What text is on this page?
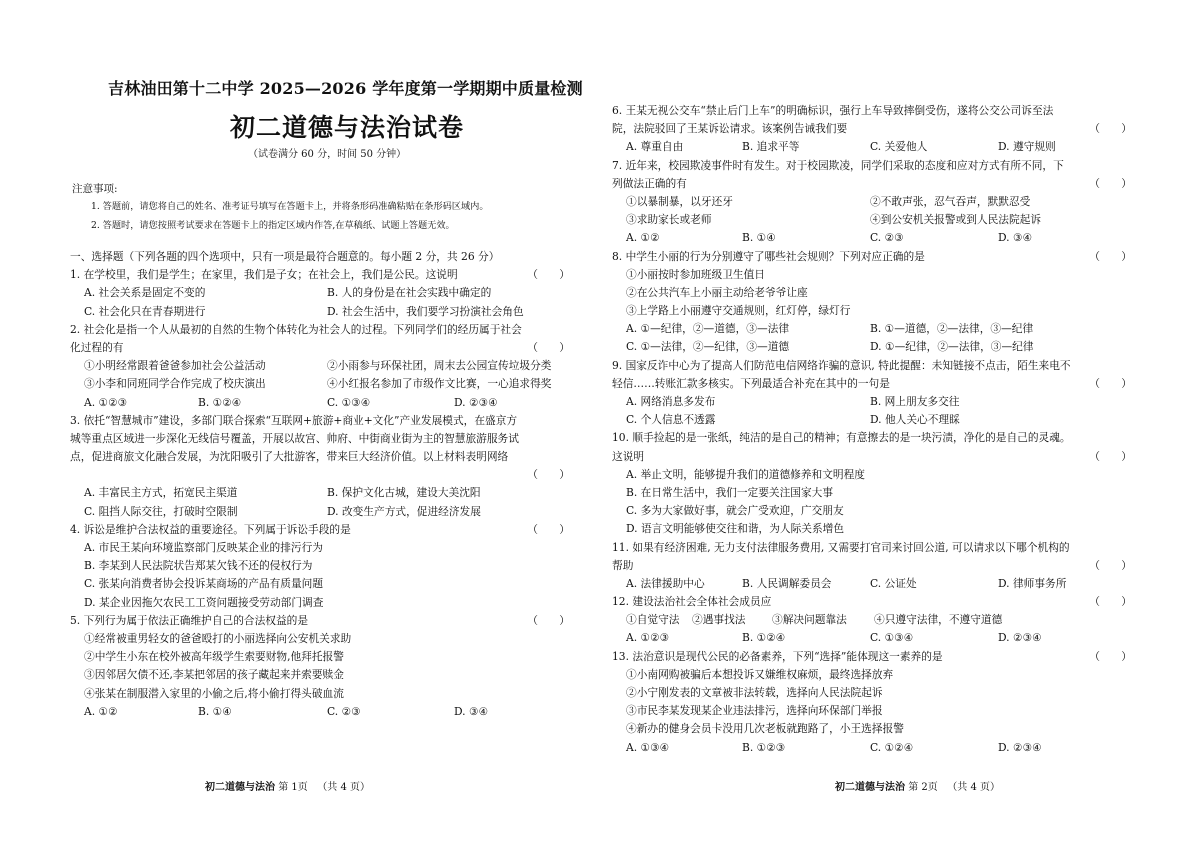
吉林油田第十二中学 2025—2026 学年度第一学期期中质量检测
初二道德与法治试卷
（试卷满分 60 分，时间 50 分钟）
注意事项:
1. 答题前，请您将自己的姓名、准考证号填写在答题卡上，并将条形码准确粘贴在条形码区域内。
2. 答题时，请您按照考试要求在答题卡上的指定区域内作答,在草稿纸、试题上答题无效。
一、选择题（下列各题的四个选项中，只有一项是最符合题意的。每小题 2 分，共 26 分）
1. 在学校里，我们是学生；在家里，我们是子女；在社会上，我们是公民。这说明	（　　）
A. 社会关系是固定不变的	B. 人的身份是在社会实践中确定的
C. 社会化只在青春期进行	D. 社会生活中，我们要学习扮演社会角色
2. 社会化是指一个人从最初的自然的生物个体转化为社会人的过程。下列同学们的经历属于社会
化过程的有	（　　）
①小明经常跟着爸爸参加社会公益活动	②小雨参与环保社团，周末去公园宣传垃圾分类
③小李和同班同学合作完成了校庆演出	④小红报名参加了市级作文比赛，一心追求得奖
A. ①②③	B. ①②④	C. ①③④	D. ②③④
3. 依托“智慧城市”建设，多部门联合探索“互联网+旅游+商业+文化”产业发展模式，在盛京方
城等重点区域进一步深化无线信号覆盖，开展以故宫、帅府、中街商业街为主的智慧旅游服务试
点，促进商旅文化融合发展，为沈阳吸引了大批游客，带来巨大经济价值。以上材料表明网络
（　　）
A. 丰富民主方式，拓宽民主渠道	B. 保护文化古城，建设大美沈阳
C. 阻挡人际交往，打破时空限制	D. 改变生产方式，促进经济发展
4. 诉讼是维护合法权益的重要途径。下列属于诉讼手段的是	（　　）
A. 市民王某向环境监察部门反映某企业的排污行为
B. 李某到人民法院状告郑某欠钱不还的侵权行为
C. 张某向消费者协会投诉某商场的产品有质量问题
D. 某企业因拖欠农民工工资问题接受劳动部门调查
5. 下列行为属于依法正确维护自己的合法权益的是	（　　）
①经常被重男轻女的爸爸殴打的小丽选择向公安机关求助
②中学生小东在校外被高年级学生索要财物,他拜托报警
③因邻居欠债不还,李某把邻居的孩子藏起来并索要赎金
④张某在制服潜入家里的小偷之后,将小偷打得头破血流
A. ①②	B. ①④	C. ②③	D. ③④
6. 王某无视公交车“禁止后门上车”的明确标识，强行上车导致摔倒受伤，遂将公交公司诉至法
院，法院驳回了王某诉讼请求。该案例告诫我们要	（　　）
A. 尊重自由	B. 追求平等	C. 关爱他人	D. 遵守规则
7. 近年来，校园欺凌事件时有发生。对于校园欺凌，同学们采取的态度和应对方式有所不同，下
列做法正确的有	（　　）
①以暴制暴，以牙还牙	②不敢声张，忍气吞声，默默忍受
③求助家长或老师	④到公安机关报警或到人民法院起诉
A. ①②	B. ①④	C. ②③	D. ③④
8. 中学生小丽的行为分别遵守了哪些社会规则？下列对应正确的是	（　　）
①小丽按时参加班级卫生值日
②在公共汽车上小丽主动给老爷爷让座
③上学路上小丽遵守交通规则，红灯停，绿灯行
A. ①—纪律，②—道德，③—法律	B. ①—道德，②—法律，③—纪律
C. ①—法律，②—纪律，③—道德	D. ①—纪律，②—法律，③—纪律
9. 国家反诈中心为了提高人们防范电信网络诈骗的意识, 特此提醒：未知链接不点击，陌生来电不
轻信……转账汇款多核实。下列最适合补充在其中的一句是	（　　）
A. 网络消息多发布	B. 网上朋友多交往
C. 个人信息不透露	D. 他人关心不理睬
10. 顺手捡起的是一张纸，纯洁的是自己的精神；有意擦去的是一块污渍，净化的是自己的灵魂。
这说明	（　　）
A. 举止文明，能够提升我们的道德修养和文明程度
B. 在日常生活中，我们一定要关注国家大事
C. 多为大家做好事，就会广受欢迎，广交朋友
D. 语言文明能够使交往和谐，为人际关系增色
11. 如果有经济困难, 无力支付法律服务费用, 又需要打官司来讨回公道, 可以请求以下哪个机构的
帮助	（　　）
A. 法律援助中心	B. 人民调解委员会	C. 公证处	D. 律师事务所
12. 建设法治社会全体社会成员应	（　　）
①自觉守法 ②遇事找法 ③解决问题靠法	④只遵守法律，不遵守道德
A. ①②③	B. ①②④	C. ①③④	D. ②③④
13. 法治意识是现代公民的必备素养，下列“选择”能体现这一素养的是	（　　）
①小南网购被骗后本想投诉又嫌维权麻烦，最终选择放弃
②小宁刚发表的文章被非法转载，选择向人民法院起诉
③市民李某发现某企业违法排污，选择向环保部门举报
④新办的健身会员卡没用几次老板就跑路了，小王选择报警
A. ①③④	B. ①②③	C. ①②④	D. ②③④
初二道德与法治 第 1页 （共 4 页）	初二道德与法治 第 2页 （共 4 页）
